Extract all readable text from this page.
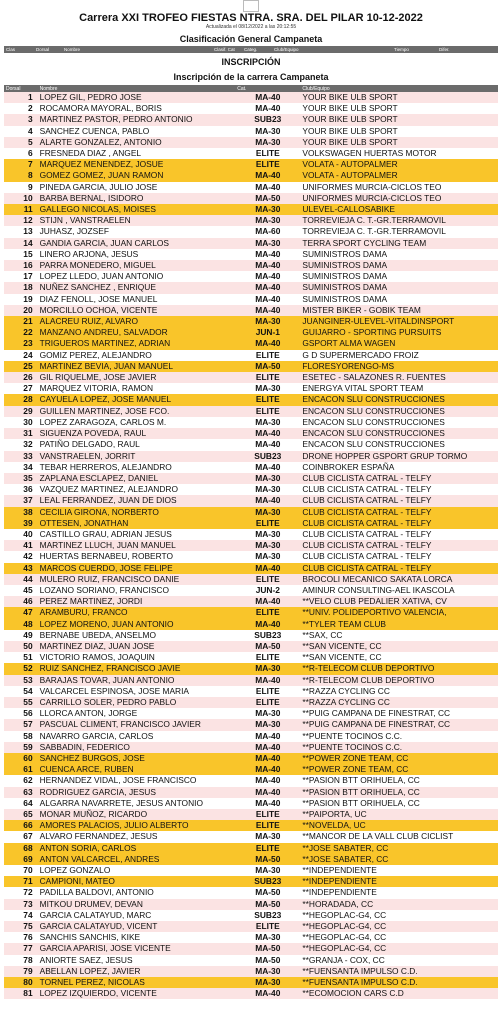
Carrera XXI TROFEO FIESTAS NTRA. SRA. DEL PILAR 10-12-2022
Actualizada el 08/12/2022 a las 20:12:55
Clasificación General Campaneta
Clas	Dorsal	Nombre	Clasif. Cat	Categ.	Club/Equipo	Tiempo	Difer.
INSCRIPCIÓN
Inscripción de la carrera Campaneta
Dorsal	Nombre	Cat.	Club/Equipo
1	LOPEZ GIL, PEDRO JOSE	MA-40	YOUR BIKE ULB SPORT
2	ROCAMORA MAYORAL, BORIS	MA-40	YOUR BIKE ULB SPORT
3	MARTINEZ PASTOR, PEDRO ANTONIO	SUB23	YOUR BIKE ULB SPORT
4	SANCHEZ CUENCA, PABLO	MA-30	YOUR BIKE ULB SPORT
5	ALARTE GONZALEZ, ANTONIO	MA-30	YOUR BIKE ULB SPORT
6	FRESNEDA DIAZ , ANGEL	ELITE	VOLKSWAGEN HUERTAS MOTOR
7	MARQUEZ MENENDEZ, JOSUE	ELITE	VOLATA - AUTOPALMER
8	GOMEZ GOMEZ, JUAN RAMON	MA-40	VOLATA - AUTOPALMER
9	PINEDA GARCIA, JULIO JOSE	MA-40	UNIFORMES MURCIA-CICLOS TEO
10	BARBA BERNAL, ISIDORO	MA-50	UNIFORMES MURCIA-CICLOS TEO
11	GALLEGO NICOLAS, MOISES	MA-30	ULEVEL-CALLOSABIKE
12	STIJN , VANSTRAELEN	MA-30	TORREVIEJA C. T.-GR.TERRAMOVIL
13	JUHASZ, JOZSEF	MA-60	TORREVIEJA C. T.-GR.TERRAMOVIL
14	GANDIA GARCIA, JUAN CARLOS	MA-30	TERRA SPORT CYCLING TEAM
15	LINERO ARJONA, JESUS	MA-40	SUMINISTROS DAMA
16	PARRA MONEDERO, MIGUEL	MA-40	SUMINISTROS DAMA
17	LOPEZ LLEDO, JUAN ANTONIO	MA-40	SUMINISTROS DAMA
18	NUÑEZ SANCHEZ , ENRIQUE	MA-40	SUMINISTROS DAMA
19	DIAZ FENOLL, JOSE MANUEL	MA-40	SUMINISTROS DAMA
20	MORCILLO OCHOA, VICENTE	MA-40	MISTER BIKER - GOBIK TEAM
21	ALACREU RUIZ, ALVARO	MA-30	JUANGINER-ULEVEL-VITALDINSPORT
22	MANZANO ANDREU, SALVADOR	JUN-1	GUIJARRO - SPORTING PURSUITS
23	TRIGUEROS MARTINEZ, ADRIAN	MA-40	GSPORT ALMA WAGEN
24	GOMIZ PEREZ, ALEJANDRO	ELITE	G D SUPERMERCADO FROIZ
25	MARTINEZ BEVIA, JUAN MANUEL	MA-50	FLORESYORENGO-MS
26	GIL RIQUELME, JOSE JAVIER	ELITE	ESETEC - SALAZONES R. FUENTES
27	MARQUEZ VITORIA, RAMON	MA-30	ENERGYA VITAL SPORT TEAM
28	CAYUELA LOPEZ, JOSE MANUEL	ELITE	ENCACON SLU CONSTRUCCIONES
29	GUILLEN MARTINEZ, JOSE FCO.	ELITE	ENCACON SLU CONSTRUCCIONES
30	LOPEZ ZARAGOZA, CARLOS M.	MA-30	ENCACON SLU CONSTRUCCIONES
31	SIGUENZA POVEDA, RAUL	MA-40	ENCACON SLU CONSTRUCCIONES
32	PATIÑO DELGADO, RAUL	MA-40	ENCACON SLU CONSTRUCCIONES
33	VANSTRAELEN, JORRIT	SUB23	DRONE HOPPER GSPORT GRUP TORMO
34	TEBAR HERREROS, ALEJANDRO	MA-40	COINBROKER ESPAÑA
35	ZAPLANA ESCLAPEZ, DANIEL	MA-30	CLUB CICLISTA CATRAL - TELFY
36	VAZQUEZ MARTINEZ, ALEJANDRO	MA-30	CLUB CICLISTA CATRAL - TELFY
37	LEAL FERRANDEZ, JUAN DE DIOS	MA-40	CLUB CICLISTA CATRAL - TELFY
38	CECILIA GIRONA, NORBERTO	MA-30	CLUB CICLISTA CATRAL - TELFY
39	OTTESEN, JONATHAN	ELITE	CLUB CICLISTA CATRAL - TELFY
40	CASTILLO GRAU, ADRIAN JESUS	MA-30	CLUB CICLISTA CATRAL - TELFY
41	MARTINEZ LLUCH, JUAN MANUEL	MA-30	CLUB CICLISTA CATRAL - TELFY
42	HUERTAS BERNABEU, ROBERTO	MA-30	CLUB CICLISTA CATRAL - TELFY
43	MARCOS CUERDO, JOSE FELIPE	MA-40	CLUB CICLISTA CATRAL - TELFY
44	MULERO RUIZ, FRANCISCO DANIE	ELITE	BROCOLI MECANICO SAKATA LORCA
45	LOZANO SORIANO, FRANCISCO	JUN-2	AMINUR CONSULTING-AEL IKASCOLA
46	PEREZ MARTINEZ, JORDI	MA-40	**VELO CLUB PEDALIER XATIVA, CV
47	ARAMBURU, FRANCO	ELITE	**UNIV. POLIDEPORTIVO VALENCIA,
48	LOPEZ MORENO, JUAN ANTONIO	MA-40	**TYLER TEAM CLUB
49	BERNABE UBEDA, ANSELMO	SUB23	**SAX, CC
50	MARTINEZ DIAZ, JUAN JOSE	MA-50	**SAN VICENTE, CC
51	VICTORIO RAMOS, JOAQUIN	ELITE	**SAN VICENTE, CC
52	RUIZ SANCHEZ, FRANCISCO JAVIE	MA-30	**R-TELECOM CLUB DEPORTIVO
53	BARAJAS TOVAR, JUAN ANTONIO	MA-40	**R-TELECOM CLUB DEPORTIVO
54	VALCARCEL ESPINOSA, JOSE MARIA	ELITE	**RAZZA CYCLING CC
55	CARRILLO SOLER, PEDRO PABLO	ELITE	**RAZZA CYCLING CC
56	LLORCA ANTON, JORGE	MA-30	**PUIG CAMPANA DE FINESTRAT, CC
57	PASCUAL CLIMENT, FRANCISCO JAVIER	MA-30	**PUIG CAMPANA DE FINESTRAT, CC
58	NAVARRO GARCIA, CARLOS	MA-40	**PUENTE TOCINOS C.C.
59	SABBADIN, FEDERICO	MA-40	**PUENTE TOCINOS C.C.
60	SANCHEZ BURGOS, JOSE	MA-40	**POWER ZONE TEAM, CC
61	CUENCA ARCE, RUBEN	MA-40	**POWER ZONE TEAM, CC
62	HERNANDEZ VIDAL, JOSE FRANCISCO	MA-40	**PASION BTT ORIHUELA, CC
63	RODRIGUEZ GARCIA, JESUS	MA-40	**PASION BTT ORIHUELA, CC
64	ALGARRA NAVARRETE, JESUS ANTONIO	MA-40	**PASION BTT ORIHUELA, CC
65	MONAR MUÑOZ, RICARDO	ELITE	**PAIPORTA, UC
66	AMORES PALACIOS, JULIO ALBERTO	ELITE	**NOVELDA, UC
67	ALVARO FERNANDEZ, JESUS	MA-30	**MANCOR DE LA VALL CLUB CICLIST
68	ANTON SORIA, CARLOS	ELITE	**JOSE SABATER, CC
69	ANTON VALCARCEL, ANDRES	MA-50	**JOSE SABATER, CC
70	LOPEZ GONZALO	MA-30	**INDEPENDIENTE
71	CAMPIONI, MATEO	SUB23	**INDEPENDIENTE
72	PADILLA BALDOVI, ANTONIO	MA-50	**INDEPENDIENTE
73	MITKOU DRUMEV, DEVAN	MA-50	**HORADADA, CC
74	GARCIA CALATAYUD, MARC	SUB23	**HEGOPLAC-G4, CC
75	GARCIA CALATAYUD, VICENT	ELITE	**HEGOPLAC-G4, CC
76	SANCHIS SANCHIS, KIKE	MA-30	**HEGOPLAC-G4, CC
77	GARCIA APARISI, JOSE VICENTE	MA-50	**HEGOPLAC-G4, CC
78	ANIORTE SAEZ, JESUS	MA-50	**GRANJA - COX, CC
79	ABELLAN LOPEZ, JAVIER	MA-30	**FUENSANTA IMPULSO C.D.
80	TORNEL PEREZ, NICOLAS	MA-30	**FUENSANTA IMPULSO C.D.
81	LOPEZ IZQUIERDO, VICENTE	MA-40	**ECOMOCION CARS C.D
